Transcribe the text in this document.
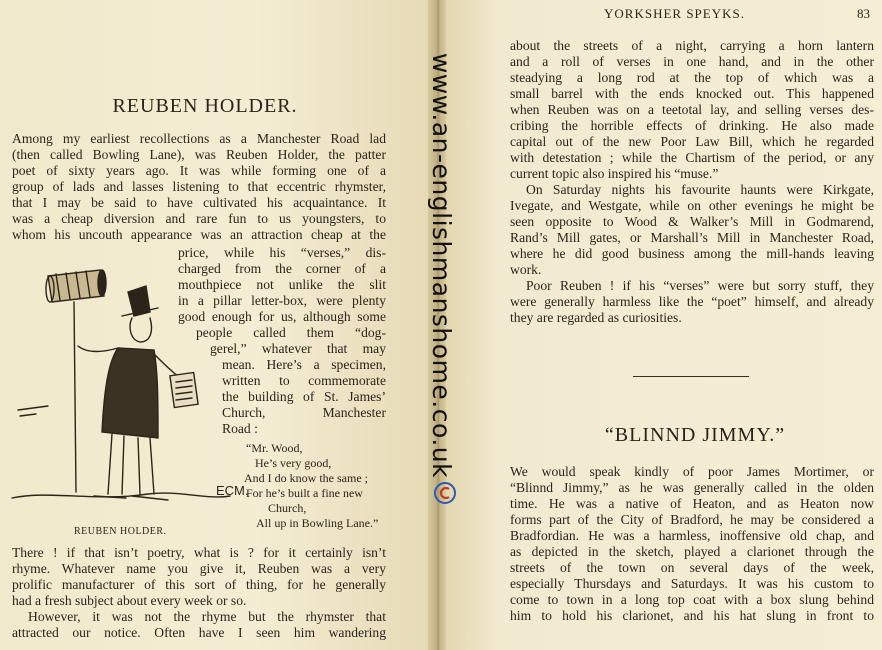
REUBEN HOLDER.
Among my earliest recollections as a Manchester Road lad
(then called Bowling Lane), was Reuben Holder, the patter
poet of sixty years ago. It was while forming one of a
group of lads and lasses listening to that eccentric rhymster,
that I may be said to have cultivated his acquaintance. It
was a cheap diversion and rare fun to us youngsters, to
whom his uncouth appearance was an attraction cheap at the
price, while his “verses,” dis-
charged from the corner of a
mouthpiece not unlike the slit
in a pillar letter-box, were plenty
good enough for us, although some
people called them “dog-
gerel,” whatever that may
mean. Here’s a specimen,
written to commemorate
the building of St. James’
Church, Manchester
Road :
“Mr. Wood,
He’s very good,
And I do know the same ;
For he’s built a fine new
Church,
All up in Bowling Lane.”
ECM.
REUBEN HOLDER.
There ! if that isn’t poetry, what is ? for it certainly isn’t
rhyme. Whatever name you give it, Reuben was a very
prolific manufacturer of this sort of thing, for he generally
had a fresh subject about every week or so.
However, it was not the rhyme but the rhymster that
attracted our notice. Often have I seen him wandering
YORKSHER SPEYKS.	83
about the streets of a night, carrying a horn lantern
and a roll of verses in one hand, and in the other
steadying a long rod at the top of which was a
small barrel with the ends knocked out. This happened
when Reuben was on a teetotal lay, and selling verses des-
cribing the horrible effects of drinking. He also made
capital out of the new Poor Law Bill, which he regarded
with detestation ; while the Chartism of the period, or any
current topic also inspired his “muse.”
On Saturday nights his favourite haunts were Kirkgate,
Ivegate, and Westgate, while on other evenings he might be
seen opposite to Wood & Walker’s Mill in Godmarend,
Rand’s Mill gates, or Marshall’s Mill in Manchester Road,
where he did good business among the mill-hands leaving
work.
Poor Reuben ! if his “verses” were but sorry stuff, they
were generally harmless like the “poet” himself, and already
they are regarded as curiosities.
“BLINND JIMMY.”
We would speak kindly of poor James Mortimer, or
“Blinnd Jimmy,” as he was generally called in the olden
time. He was a native of Heaton, and as Heaton now
forms part of the City of Bradford, he may be considered a
Bradfordian. He was a harmless, inoffensive old chap, and
as depicted in the sketch, played a clarionet through the
streets of the town on several days of the week,
especially Thursdays and Saturdays. It was his custom to
come to town in a long top coat with a box slung behind
him to hold his clarionet, and his hat slung in front to
www.an-englishmanshome.co.uk
